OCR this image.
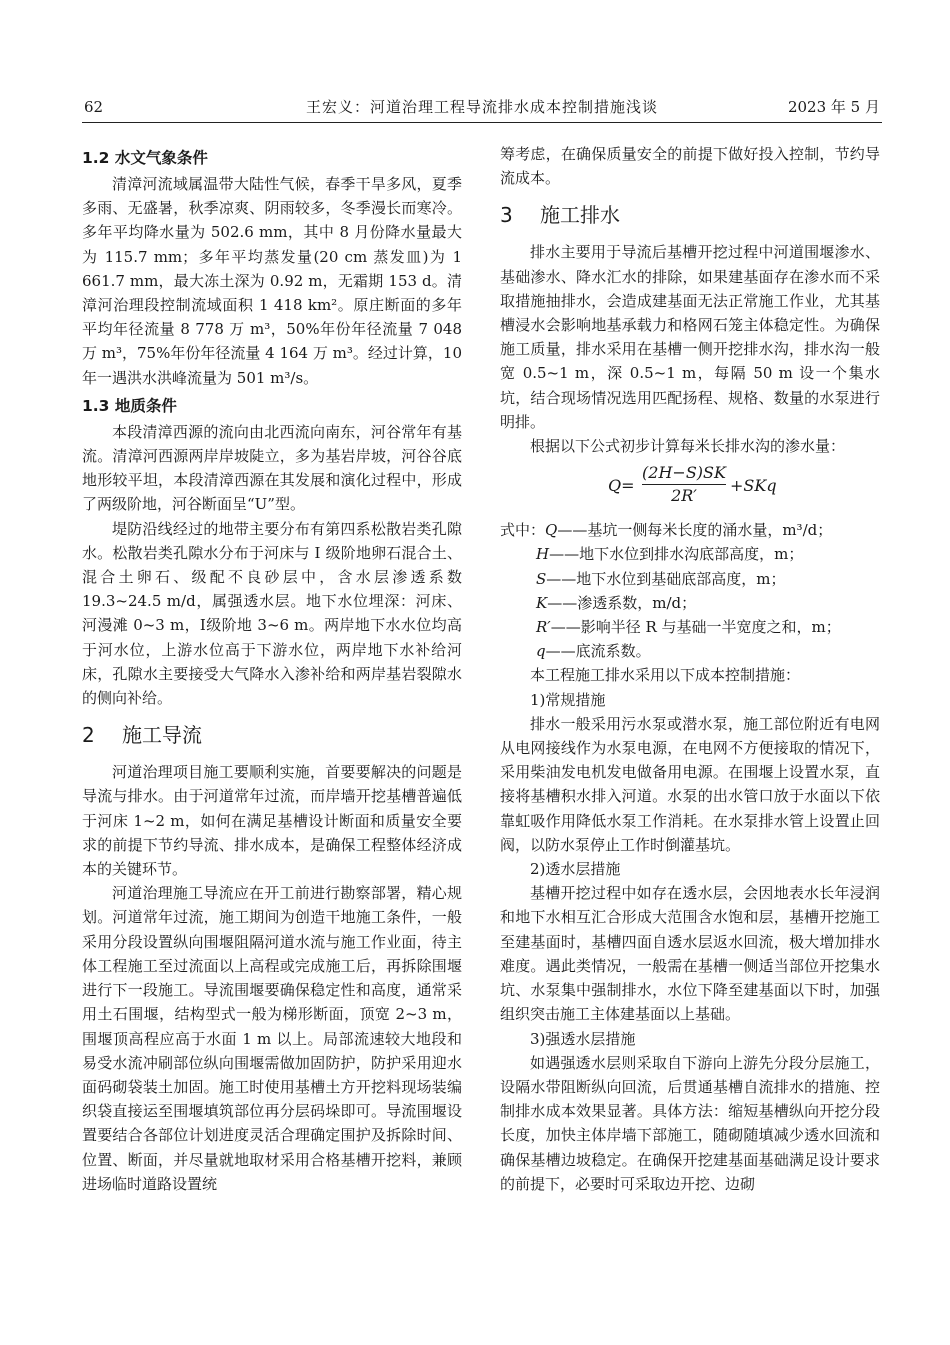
62	王宏义：河道治理工程导流排水成本控制措施浅谈	2023 年 5 月
1.2 水文气象条件

清漳河流域属温带大陆性气候，春季干旱多风，夏季多雨、无盛暑，秋季凉爽、阴雨较多，冬季漫长而寒冷。多年平均降水量为 502.6 mm，其中 8 月份降水量最大为 115.7 mm；多年平均蒸发量(20 cm 蒸发皿)为 1 661.7 mm，最大冻土深为 0.92 m，无霜期 153 d。清漳河治理段控制流域面积 1 418 km²。原庄断面的多年平均年径流量 8 778 万 m³，50%年份年径流量 7 048 万 m³，75%年份年径流量 4 164 万 m³。经过计算，10 年一遇洪水洪峰流量为 501 m³/s。

1.3 地质条件

本段清漳西源的流向由北西流向南东，河谷常年有基流。清漳河西源两岸岸坡陡立，多为基岩岸坡，河谷谷底地形较平坦，本段清漳西源在其发展和演化过程中，形成了两级阶地，河谷断面呈“U”型。

堤防沿线经过的地带主要分布有第四系松散岩类孔隙水。松散岩类孔隙水分布于河床与 Ⅰ 级阶地卵石混合土、混合土卵石、级配不良砂层中，含水层渗透系数 19.3~24.5 m/d，属强透水层。地下水位埋深：河床、河漫滩 0~3 m，Ⅰ级阶地 3~6 m。两岸地下水水位均高于河水位，上游水位高于下游水位，两岸地下水补给河床，孔隙水主要接受大气降水入渗补给和两岸基岩裂隙水的侧向补给。

2 施工导流

河道治理项目施工要顺利实施，首要要解决的问题是导流与排水。由于河道常年过流，而岸墙开挖基槽普遍低于河床 1~2 m，如何在满足基槽设计断面和质量安全要求的前提下节约导流、排水成本，是确保工程整体经济成本的关键环节。

河道治理施工导流应在开工前进行勘察部署，精心规划。河道常年过流，施工期间为创造干地施工条件，一般采用分段设置纵向围堰阻隔河道水流与施工作业面，待主体工程施工至过流面以上高程或完成施工后，再拆除围堰进行下一段施工。导流围堰要确保稳定性和高度，通常采用土石围堰，结构型式一般为梯形断面，顶宽 2~3 m，围堰顶高程应高于水面 1 m 以上。局部流速较大地段和易受水流冲刷部位纵向围堰需做加固防护，防护采用迎水面码砌袋装土加固。施工时使用基槽土方开挖料现场装编织袋直接运至围堰填筑部位再分层码垛即可。导流围堰设置要结合各部位计划进度灵活合理确定围护及拆除时间、位置、断面，并尽量就地取材采用合格基槽开挖料，兼顾进场临时道路设置统

筹考虑，在确保质量安全的前提下做好投入控制，节约导流成本。

3 施工排水

排水主要用于导流后基槽开挖过程中河道围堰渗水、基础渗水、降水汇水的排除，如果建基面存在渗水而不采取措施抽排水，会造成建基面无法正常施工作业，尤其基槽浸水会影响地基承载力和格网石笼主体稳定性。为确保施工质量，排水采用在基槽一侧开挖排水沟，排水沟一般宽 0.5~1 m，深 0.5~1 m，每隔 50 m 设一个集水坑，结合现场情况选用匹配扬程、规格、数量的水泵进行明排。

根据以下公式初步计算每米长排水沟的渗水量：

$Q= \frac{(2H-S)SK}{2R'} +SKq$
式中：Q——基坑一侧每米长度的涌水量，m³/d；
H——地下水位到排水沟底部高度，m；
S——地下水位到基础底部高度，m；
K——渗透系数，m/d；
R′——影响半径 R 与基础一半宽度之和，m；
q——底流系数。

本工程施工排水采用以下成本控制措施：

1)常规措施

排水一般采用污水泵或潜水泵，施工部位附近有电网从电网接线作为水泵电源，在电网不方便接取的情况下，采用柴油发电机发电做备用电源。在围堰上设置水泵，直接将基槽积水排入河道。水泵的出水管口放于水面以下依靠虹吸作用降低水泵工作消耗。在水泵排水管上设置止回阀，以防水泵停止工作时倒灌基坑。

2)透水层措施

基槽开挖过程中如存在透水层，会因地表水长年浸润和地下水相互汇合形成大范围含水饱和层，基槽开挖施工至建基面时，基槽四面自透水层返水回流，极大增加排水难度。遇此类情况，一般需在基槽一侧适当部位开挖集水坑、水泵集中强制排水，水位下降至建基面以下时，加强组织突击施工主体建基面以上基础。

3)强透水层措施

如遇强透水层则采取自下游向上游先分段分层施工，设隔水带阻断纵向回流，后贯通基槽自流排水的措施、控制排水成本效果显著。具体方法：缩短基槽纵向开挖分段长度，加快主体岸墙下部施工，随砌随填减少透水回流和确保基槽边坡稳定。在确保开挖建基面基础满足设计要求的前提下，必要时可采取边开挖、边砌
